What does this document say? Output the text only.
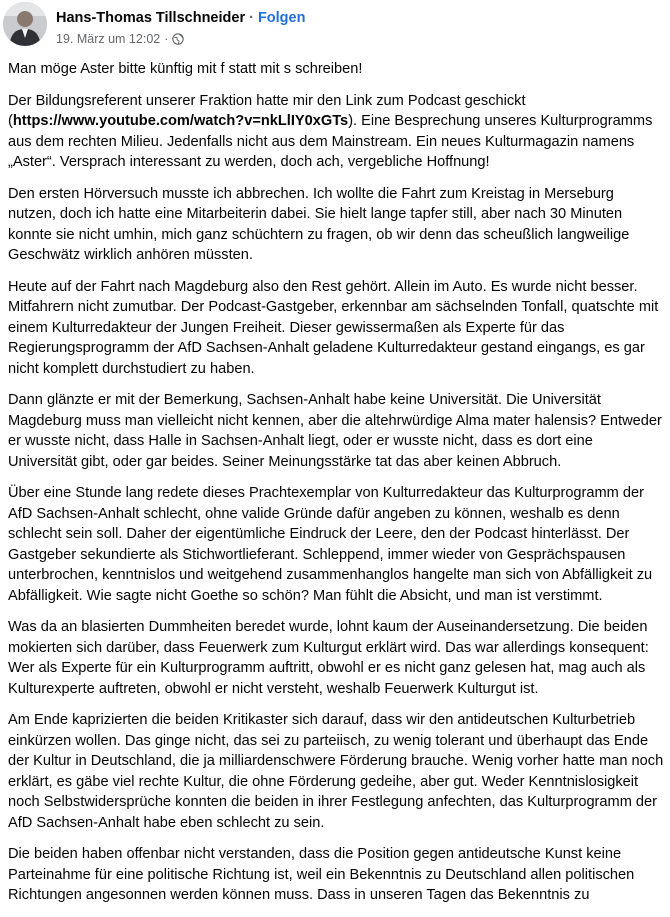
Hans-Thomas Tillschneider · Folgen
19. März um 12:02 ·

Man möge Aster bitte künftig mit f statt mit s schreiben!

Der Bildungsreferent unserer Fraktion hatte mir den Link zum Podcast geschickt (https://www.youtube.com/watch?v=nkLlIY0xGTs). Eine Besprechung unseres Kulturprogramms aus dem rechten Milieu. Jedenfalls nicht aus dem Mainstream. Ein neues Kulturmagazin namens „Aster“. Versprach interessant zu werden, doch ach, vergebliche Hoffnung!

Den ersten Hörversuch musste ich abbrechen. Ich wollte die Fahrt zum Kreistag in Merseburg nutzen, doch ich hatte eine Mitarbeiterin dabei. Sie hielt lange tapfer still, aber nach 30 Minuten konnte sie nicht umhin, mich ganz schüchtern zu fragen, ob wir denn das scheußlich langweilige Geschwätz wirklich anhören müssten.

Heute auf der Fahrt nach Magdeburg also den Rest gehört. Allein im Auto. Es wurde nicht besser. Mitfahrern nicht zumutbar. Der Podcast-Gastgeber, erkennbar am sächselnden Tonfall, quatschte mit einem Kulturredakteur der Jungen Freiheit. Dieser gewissermaßen als Experte für das Regierungsprogramm der AfD Sachsen-Anhalt geladene Kulturredakteur gestand eingangs, es gar nicht komplett durchstudiert zu haben.

Dann glänzte er mit der Bemerkung, Sachsen-Anhalt habe keine Universität. Die Universität Magdeburg muss man vielleicht nicht kennen, aber die altehrwürdige Alma mater halensis? Entweder er wusste nicht, dass Halle in Sachsen-Anhalt liegt, oder er wusste nicht, dass es dort eine Universität gibt, oder gar beides. Seiner Meinungsstärke tat das aber keinen Abbruch.

Über eine Stunde lang redete dieses Prachtexemplar von Kulturredakteur das Kulturprogramm der AfD Sachsen-Anhalt schlecht, ohne valide Gründe dafür angeben zu können, weshalb es denn schlecht sein soll. Daher der eigentümliche Eindruck der Leere, den der Podcast hinterlässt. Der Gastgeber sekundierte als Stichwortlieferant. Schleppend, immer wieder von Gesprächspausen unterbrochen, kenntnislos und weitgehend zusammenhanglos hangelte man sich von Abfälligkeit zu Abfälligkeit. Wie sagte nicht Goethe so schön? Man fühlt die Absicht, und man ist verstimmt.

Was da an blasierten Dummheiten beredet wurde, lohnt kaum der Auseinandersetzung. Die beiden mokierten sich darüber, dass Feuerwerk zum Kulturgut erklärt wird. Das war allerdings konsequent: Wer als Experte für ein Kulturprogramm auftritt, obwohl er es nicht ganz gelesen hat, mag auch als Kulturexperte auftreten, obwohl er nicht versteht, weshalb Feuerwerk Kulturgut ist.

Am Ende kaprizierten die beiden Kritikaster sich darauf, dass wir den antideutschen Kulturbetrieb einkürzen wollen. Das ginge nicht, das sei zu parteiisch, zu wenig tolerant und überhaupt das Ende der Kultur in Deutschland, die ja milliardenschwere Förderung brauche. Wenig vorher hatte man noch erklärt, es gäbe viel rechte Kultur, die ohne Förderung gedeihe, aber gut. Weder Kenntnislosigkeit noch Selbstwidersprüche konnten die beiden in ihrer Festlegung anfechten, das Kulturprogramm der AfD Sachsen-Anhalt habe eben schlecht zu sein.

Die beiden haben offenbar nicht verstanden, dass die Position gegen antideutsche Kunst keine Parteinahme für eine politische Richtung ist, weil ein Bekenntnis zu Deutschland allen politischen Richtungen angesonnen werden können muss. Dass in unseren Tagen das Bekenntnis zu
